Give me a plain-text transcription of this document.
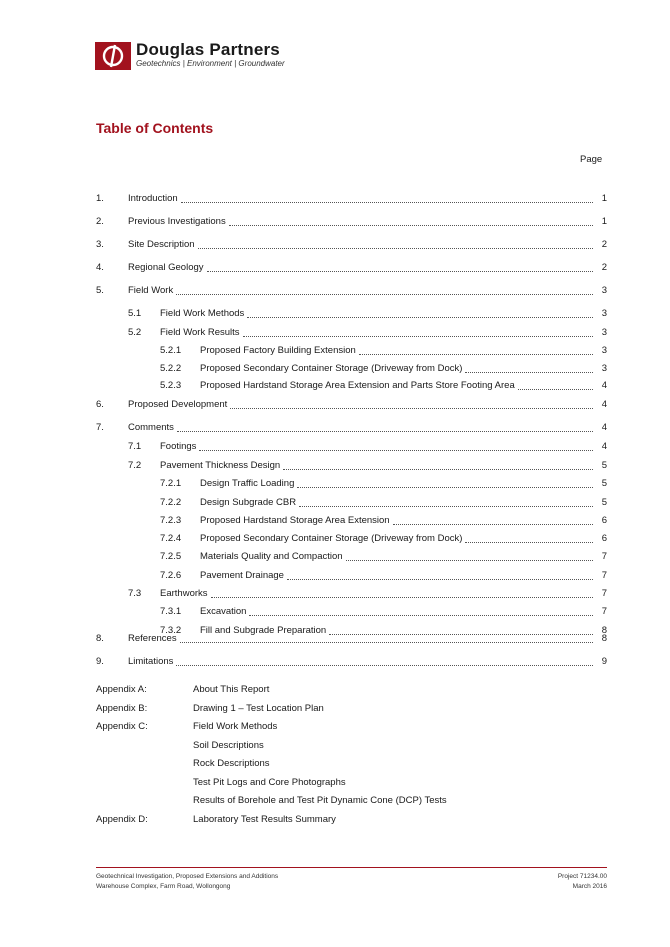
Douglas Partners
Geotechnics | Environment | Groundwater
Table of Contents
Page
1.	Introduction	1
2.	Previous Investigations	1
3.	Site Description	2
4.	Regional Geology	2
5.	Field Work	3
5.1 Field Work Methods	3
5.2 Field Work Results	3
5.2.1 Proposed Factory Building Extension	3
5.2.2 Proposed Secondary Container Storage (Driveway from Dock)	3
5.2.3 Proposed Hardstand Storage Area Extension and Parts Store Footing Area	4
6.	Proposed Development	4
7.	Comments	4
7.1 Footings	4
7.2 Pavement Thickness Design	5
7.2.1 Design Traffic Loading	5
7.2.2 Design Subgrade CBR	5
7.2.3 Proposed Hardstand Storage Area Extension	6
7.2.4 Proposed Secondary Container Storage (Driveway from Dock)	6
7.2.5 Materials Quality and Compaction	7
7.2.6 Pavement Drainage	7
7.3 Earthworks	7
7.3.1 Excavation	7
7.3.2 Fill and Subgrade Preparation	8
8.	References	8
9.	Limitations	9
Appendix A:	About This Report
Appendix B:	Drawing 1 – Test Location Plan
Appendix C:	Field Work Methods
Soil Descriptions
Rock Descriptions
Test Pit Logs and Core Photographs
Results of Borehole and Test Pit Dynamic Cone (DCP) Tests
Appendix D:	Laboratory Test Results Summary
Geotechnical Investigation, Proposed Extensions and Additions
Warehouse Complex, Farm Road, Wollongong
Project 71234.00
March 2016
